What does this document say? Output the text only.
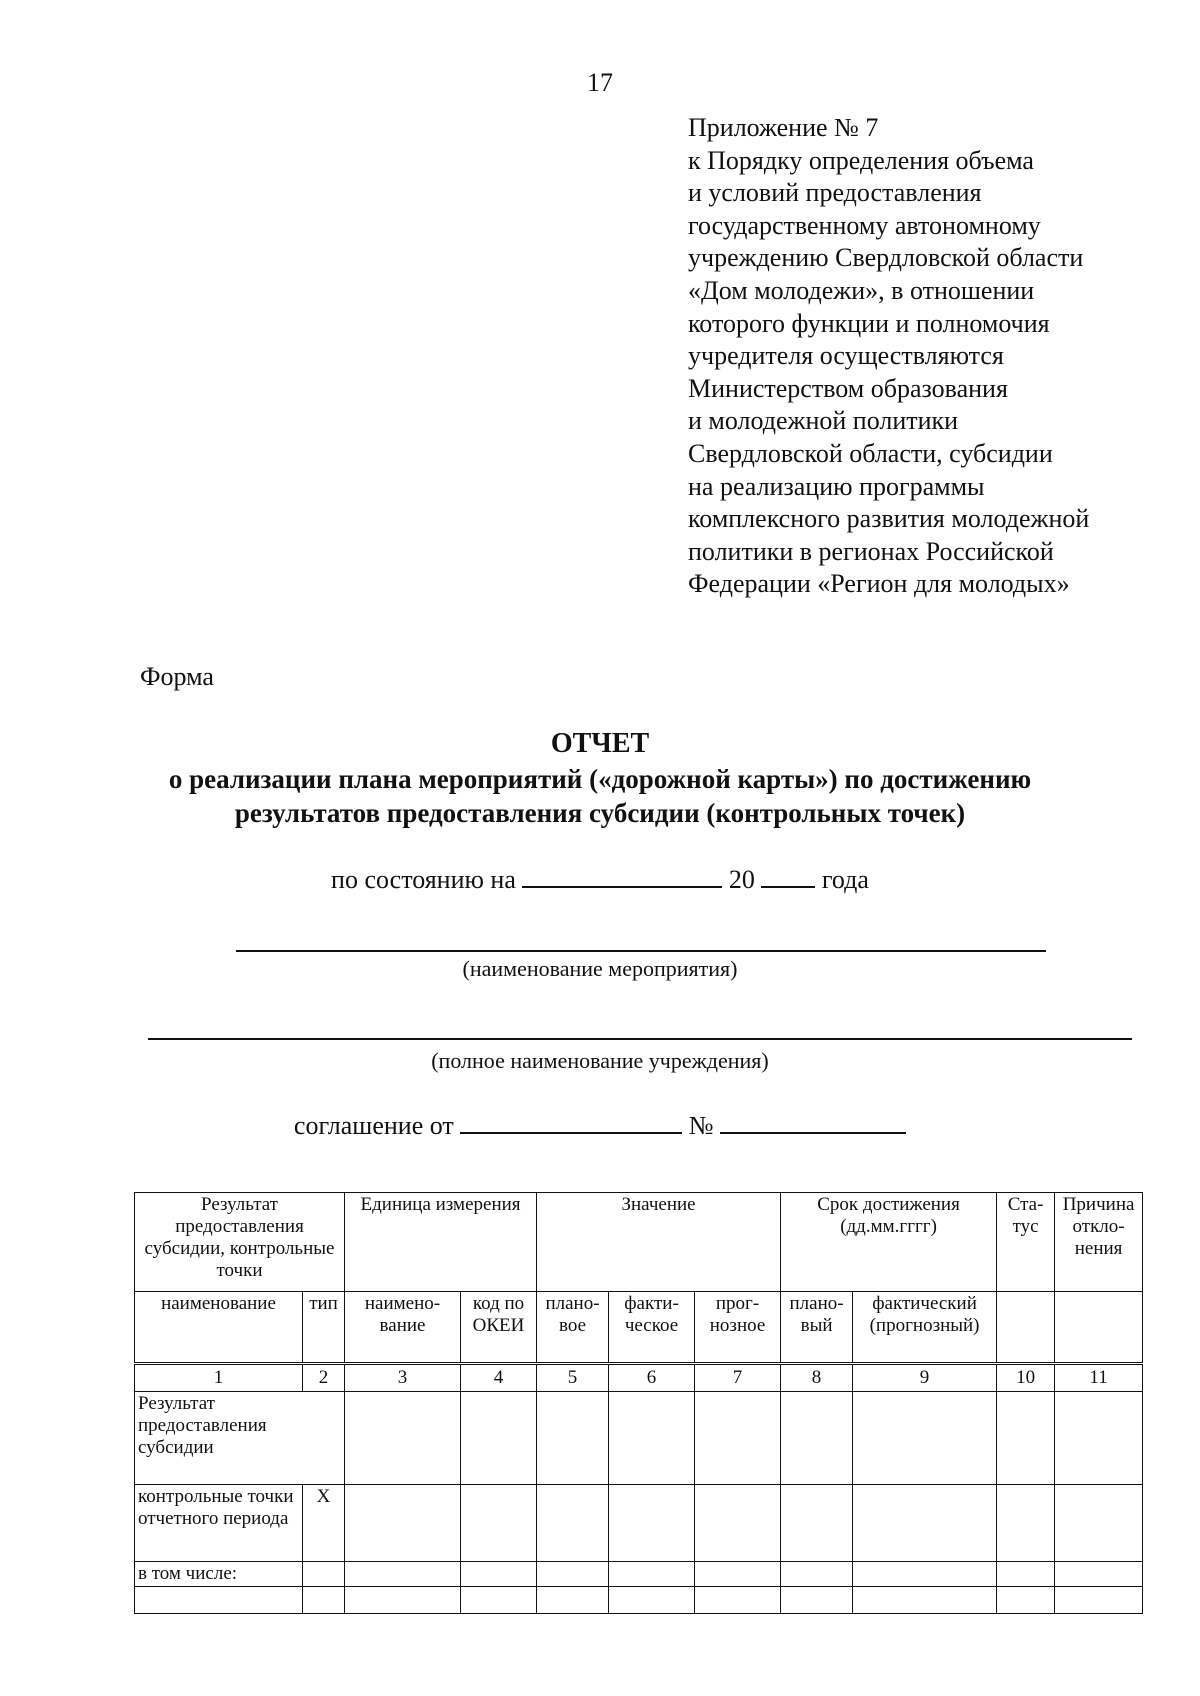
17
Приложение № 7
к Порядку определения объема
и условий предоставления
государственному автономному
учреждению Свердловской области
«Дом молодежи», в отношении
которого функции и полномочия
учредителя осуществляются
Министерством образования
и молодежной политики
Свердловской области, субсидии
на реализацию программы
комплексного развития молодежной
политики в регионах Российской
Федерации «Регион для молодых»
Форма
ОТЧЕТ
о реализации плана мероприятий («дорожной карты») по достижению
результатов предоставления субсидии (контрольных точек)
по состоянию на	20	года
(наименование мероприятия)
(полное наименование учреждения)
соглашение от	№
Результат предоставления субсидии, контрольные точки		Единица измерения		Значение			Срок достижения (дд.мм.гггг)		Ста- тус	Причина откло- нения
наименование	тип	наимено- вание	код по ОКЕИ	плано- вое	факти- ческое	прог- нозное	плано- вый	фактический (прогнозный)		
1	2	3	4	5	6	7	8	9	10	11
Результат предоставления субсидии										
контрольные точки отчетного периода	X									
в том числе:										
